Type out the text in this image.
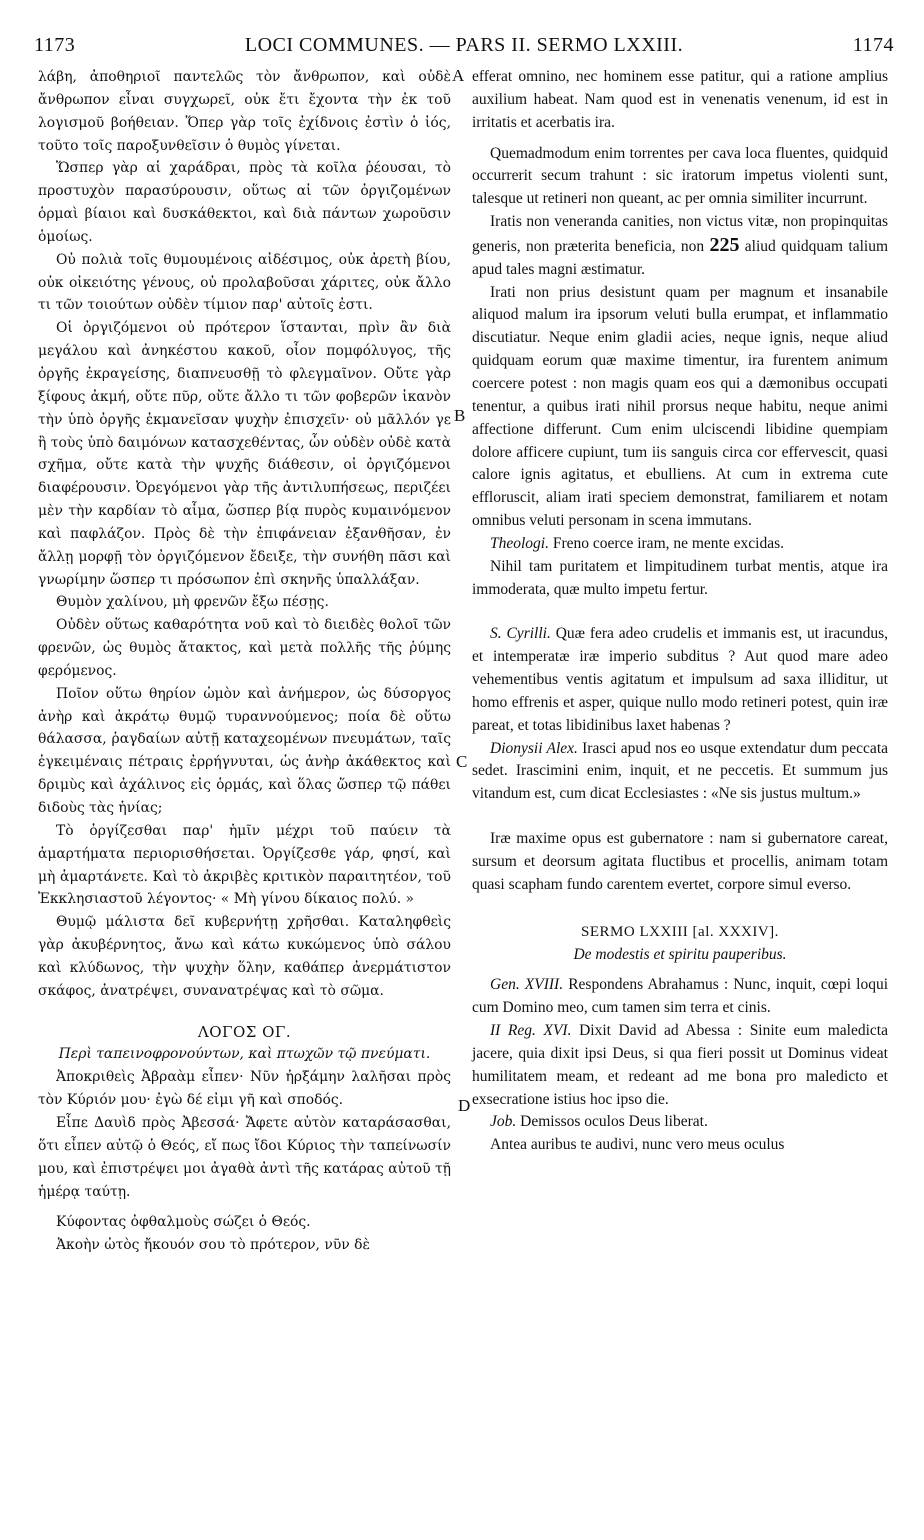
1173	LOCI COMMUNES. — PARS II. SERMO LXXIII.	1174

λάβη, ἀποθηριοῖ παντελῶς τὸν ἄνθρωπον, καὶ οὐδὲ ἄνθρωπον εἶναι συγχωρεῖ, οὐκ ἔτι ἔχοντα τὴν ἐκ τοῦ λογισμοῦ βοήθειαν. Ὅπερ γὰρ τοῖς ἐχίδνοις ἐστὶν ὁ ἰός, τοῦτο τοῖς παροξυνθεῖσιν ὁ θυμὸς γίνεται.

Ὥσπερ γὰρ αἱ χαράδραι, πρὸς τὰ κοῖλα ῥέουσαι, τὸ προστυχὸν παρασύρουσιν, οὕτως αἱ τῶν ὀργιζομένων ὁρμαὶ βίαιοι καὶ δυσκάθεκτοι, καὶ διὰ πάντων χωροῦσιν ὁμοίως.

Οὐ πολιὰ τοῖς θυμουμένοις αἰδέσιμος, οὐκ ἀρετὴ βίου, οὐκ οἰκειότης γένους, οὐ προλαβοῦσαι χάριτες, οὐκ ἄλλο τι τῶν τοιούτων οὐδὲν τίμιον παρ' αὐτοῖς ἐστι.

Οἱ ὀργιζόμενοι οὐ πρότερον ἵστανται, πρὶν ἂν διὰ μεγάλου καὶ ἀνηκέστου κακοῦ, οἷον πομφόλυγος, τῆς ὀργῆς ἐκραγείσης, διαπνευσθῇ τὸ φλεγμαῖνον. Οὔτε γὰρ ξίφους ἀκμή, οὔτε πῦρ, οὔτε ἄλλο τι τῶν φοβερῶν ἱκανὸν τὴν ὑπὸ ὀργῆς ἐκμανεῖσαν ψυχὴν ἐπισχεῖν· οὐ μᾶλλόν γε ἢ τοὺς ὑπὸ δαιμόνων κατασχεθέντας, ὧν οὐδὲν οὐδὲ κατὰ σχῆμα, οὔτε κατὰ τὴν ψυχῆς διάθεσιν, οἱ ὀργιζόμενοι διαφέρουσιν. Ὀρεγόμενοι γὰρ τῆς ἀντιλυπήσεως, περιζέει μὲν τὴν καρδίαν τὸ αἷμα, ὥσπερ βίᾳ πυρὸς κυμαινόμενον καὶ παφλάζον. Πρὸς δὲ τὴν ἐπιφάνειαν ἐξανθῆσαν, ἐν ἄλλῃ μορφῇ τὸν ὀργιζόμενον ἔδειξε, τὴν συνήθη πᾶσι καὶ γνωρίμην ὥσπερ τι πρόσωπον ἐπὶ σκηνῆς ὑπαλλάξαν.

Θυμὸν χαλίνου, μὴ φρενῶν ἔξω πέσῃς.

Οὐδὲν οὕτως καθαρότητα νοῦ καὶ τὸ διειδὲς θολοῖ τῶν φρενῶν, ὡς θυμὸς ἄτακτος, καὶ μετὰ πολλῆς τῆς ῥύμης φερόμενος.

Ποῖον οὕτω θηρίον ὠμὸν καὶ ἀνήμερον, ὡς δύσοργος ἀνὴρ καὶ ἀκράτῳ θυμῷ τυραννούμενος; ποία δὲ οὕτω θάλασσα, ῥαγδαίων αὐτῇ καταχεομένων πνευμάτων, ταῖς ἐγκειμέναις πέτραις ἐρρήγνυται, ὡς ἀνὴρ ἀκάθεκτος καὶ δριμὺς καὶ ἀχάλινος εἰς ὁρμάς, καὶ ὅλας ὥσπερ τῷ πάθει διδοὺς τὰς ἡνίας;

Τὸ ὀργίζεσθαι παρ' ἡμῖν μέχρι τοῦ παύειν τὰ ἁμαρτήματα περιορισθήσεται. Ὀργίζεσθε γάρ, φησί, καὶ μὴ ἁμαρτάνετε. Καὶ τὸ ἀκριβὲς κριτικὸν παραιτητέον, τοῦ Ἐκκλησιαστοῦ λέγοντος· « Μὴ γίνου δίκαιος πολύ. »

Θυμῷ μάλιστα δεῖ κυβερνήτῃ χρῆσθαι. Καταληφθεὶς γὰρ ἀκυβέρνητος, ἄνω καὶ κάτω κυκώμενος ὑπὸ σάλου καὶ κλύδωνος, τὴν ψυχὴν ὅλην, καθάπερ ἀνερμάτιστον σκάφος, ἀνατρέψει, συνανατρέψας καὶ τὸ σῶμα.

ΛΟΓΟΣ ΟΓ.

Περὶ ταπεινοφρονούντων, καὶ πτωχῶν τῷ πνεύματι.

Ἀποκριθεὶς Ἀβραὰμ εἶπεν· Νῦν ἠρξάμην λαλῆσαι πρὸς τὸν Κύριόν μου· ἐγὼ δέ εἰμι γῆ καὶ σποδός.

Εἶπε Δαυὶδ πρὸς Ἀβεσσά· Ἄφετε αὐτὸν καταράσασθαι, ὅτι εἶπεν αὐτῷ ὁ Θεός, εἴ πως ἴδοι Κύριος τὴν ταπείνωσίν μου, καὶ ἐπιστρέψει μοι ἀγαθὰ ἀντὶ τῆς κατάρας αὐτοῦ τῇ ἡμέρᾳ ταύτῃ.

Κύφοντας ὀφθαλμοὺς σώζει ὁ Θεός.

Ἀκοὴν ὠτὸς ἤκουόν σου τὸ πρότερον, νῦν δὲ

A
B
C
D

efferat omnino, nec hominem esse patitur, qui a ratione amplius auxilium habeat. Nam quod est in venenatis venenum, id est in irritatis et acerbatis ira.

Quemadmodum enim torrentes per cava loca fluentes, quidquid occurrerit secum trahunt : sic iratorum impetus violenti sunt, talesque ut retineri non queant, ac per omnia similiter incurrunt.

Iratis non veneranda canities, non victus vitæ, non propinquitas generis, non præterita beneficia, non 225 aliud quidquam talium apud tales magni æstimatur.

Irati non prius desistunt quam per magnum et insanabile aliquod malum ira ipsorum veluti bulla erumpat, et inflammatio discutiatur. Neque enim gladii acies, neque ignis, neque aliud quidquam eorum quæ maxime timentur, ira furentem animum coercere potest : non magis quam eos qui a dæmonibus occupati tenentur, a quibus irati nihil prorsus neque habitu, neque animi affectione differunt. Cum enim ulciscendi libidine quempiam dolore afficere cupiunt, tum iis sanguis circa cor effervescit, quasi calore ignis agitatus, et ebulliens. At cum in extrema cute effloruscit, aliam irati speciem demonstrat, familiarem et notam omnibus veluti personam in scena immutans.

Theologi. Freno coerce iram, ne mente excidas.

Nihil tam puritatem et limpitudinem turbat mentis, atque ira immoderata, quæ multo impetu fertur.

S. Cyrilli. Quæ fera adeo crudelis et immanis est, ut iracundus, et intemperatæ iræ imperio subditus ? Aut quod mare adeo vehementibus ventis agitatum et impulsum ad saxa illiditur, ut homo effrenis et asper, quique nullo modo retineri potest, quin iræ pareat, et totas libidinibus laxet habenas ?

Dionysii Alex. Irasci apud nos eo usque extendatur dum peccata sedet. Irascimini enim, inquit, et ne peccetis. Et summum jus vitandum est, cum dicat Ecclesiastes : «Ne sis justus multum.»

Iræ maxime opus est gubernatore : nam si gubernatore careat, sursum et deorsum agitata fluctibus et procellis, animam totam quasi scapham fundo carentem evertet, corpore simul everso.

SERMO LXXIII [al. XXXIV].

De modestis et spiritu pauperibus.

Gen. XVIII. Respondens Abrahamus : Nunc, inquit, cœpi loqui cum Domino meo, cum tamen sim terra et cinis.

II Reg. XVI. Dixit David ad Abessa : Sinite eum maledicta jacere, quia dixit ipsi Deus, si qua fieri possit ut Dominus videat humilitatem meam, et redeant ad me bona pro maledicto et exsecratione istius hoc ipso die.

Job. Demissos oculos Deus liberat.

Antea auribus te audivi, nunc vero meus oculus
